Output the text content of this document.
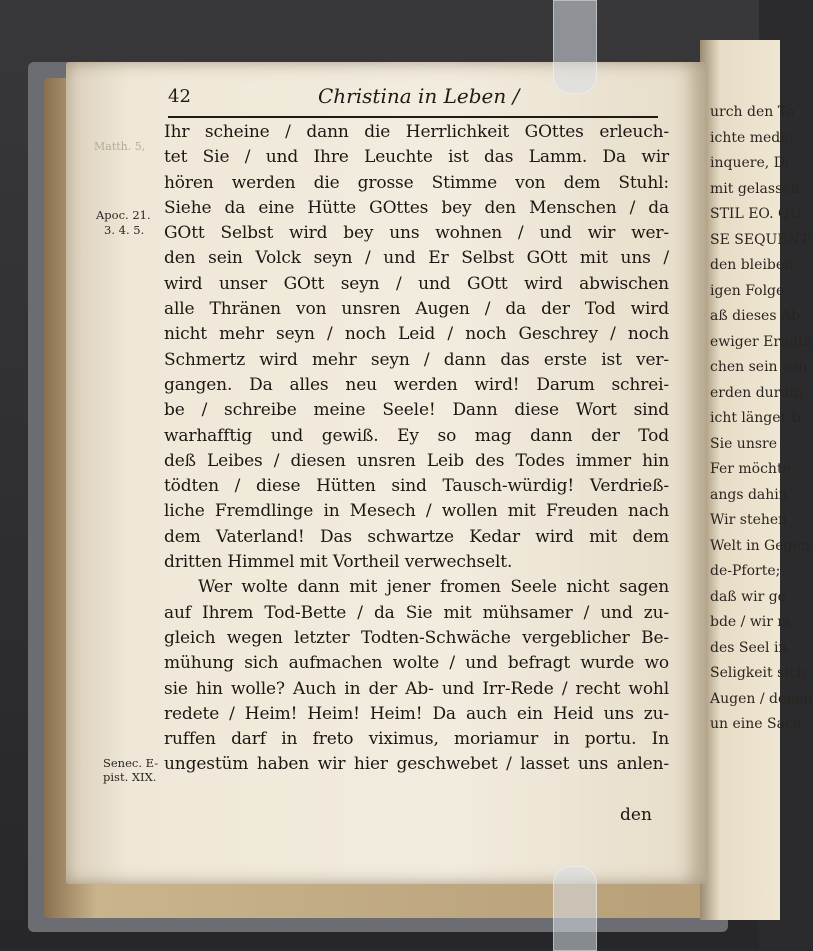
urch den To
ichte medic
inquere, Di
mit gelassen
STIL EO. QU
SE SEQUENT
den bleiben
igen Folge
aß dieses Ab
ewiger Erndte
chen sein von
erden durum
icht länger b
Sie unsre
Fer möchte
angs dahin
Wir stehen
Welt in Gegen
de-Pforte;
daß wir ge
bde / wir m
des Seel in
Seligkeit sich
Augen / denen
un eine Sach
42	Christina in Leben /
Matth. 5,
Apoc. 21.
3. 4. 5.
Senec. E-
pist. XIX.
Ihr scheine / dann die Herrlichkeit GOttes erleuch-
tet Sie / und Ihre Leuchte ist das Lamm. Da wir
hören werden die grosse Stimme von dem Stuhl:
Siehe da eine Hütte GOttes bey den Menschen / da
GOtt Selbst wird bey uns wohnen / und wir wer-
den sein Volck seyn / und Er Selbst GOtt mit uns /
wird unser GOtt seyn / und GOtt wird abwischen
alle Thränen von unsren Augen / da der Tod wird
nicht mehr seyn / noch Leid / noch Geschrey / noch
Schmertz wird mehr seyn / dann das erste ist ver-
gangen. Da alles neu werden wird! Darum schrei-
be / schreibe meine Seele! Dann diese Wort sind
warhafftig und gewiß. Ey so mag dann der Tod
deß Leibes / diesen unsren Leib des Todes immer hin
tödten / diese Hütten sind Tausch-würdig! Verdrieß-
liche Fremdlinge in Mesech / wollen mit Freuden nach
dem Vaterland! Das schwartze Kedar wird mit dem
dritten Himmel mit Vortheil verwechselt.
Wer wolte dann mit jener fromen Seele nicht sagen
auf Ihrem Tod-Bette / da Sie mit mühsamer / und zu-
gleich wegen letzter Todten-Schwäche vergeblicher Be-
mühung sich aufmachen wolte / und befragt wurde wo
sie hin wolle? Auch in der Ab- und Irr-Rede / recht wohl
redete / Heim! Heim! Heim! Da auch ein Heid uns zu-
ruffen darf in freto viximus, moriamur in portu. In
ungestüm haben wir hier geschwebet / lasset uns anlen-
den
